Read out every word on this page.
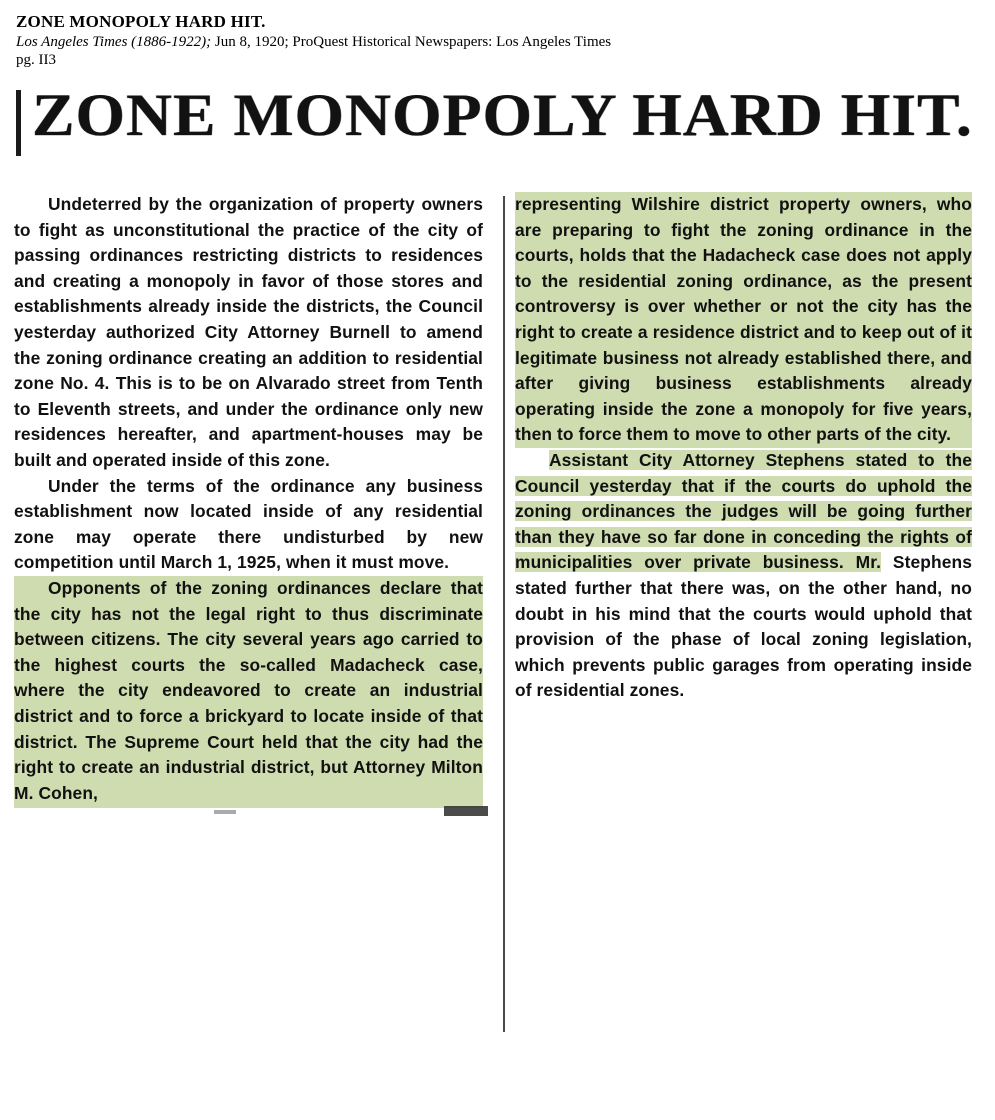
ZONE MONOPOLY HARD HIT.
Los Angeles Times (1886-1922); Jun 8, 1920; ProQuest Historical Newspapers: Los Angeles Times
pg. II3
ZONE MONOPOLY HARD HIT.

Undeterred by the organization of property owners to fight as unconstitutional the practice of the city of passing ordinances restricting districts to residences and creating a monopoly in favor of those stores and establishments already inside the districts, the Council yesterday authorized City Attorney Burnell to amend the zoning ordinance creating an addition to residential zone No. 4. This is to be on Alvarado street from Tenth to Eleventh streets, and under the ordinance only new residences hereafter, and apartment-houses may be built and operated inside of this zone.

Under the terms of the ordinance any business establishment now located inside of any residential zone may operate there undisturbed by new competition until March 1, 1925, when it must move.

Opponents of the zoning ordinances declare that the city has not the legal right to thus discriminate between citizens. The city several years ago carried to the highest courts the so-called Madacheck case, where the city endeavored to create an industrial district and to force a brickyard to locate inside of that district. The Supreme Court held that the city had the right to create an industrial district, but Attorney Milton M. Cohen,

representing Wilshire district property owners, who are preparing to fight the zoning ordinance in the courts, holds that the Hadacheck case does not apply to the residential zoning ordinance, as the present controversy is over whether or not the city has the right to create a residence district and to keep out of it legitimate business not already established there, and after giving business establishments already operating inside the zone a monopoly for five years, then to force them to move to other parts of the city.

Assistant City Attorney Stephens stated to the Council yesterday that if the courts do uphold the zoning ordinances the judges will be going further than they have so far done in conceding the rights of municipalities over private business. Mr. Stephens stated further that there was, on the other hand, no doubt in his mind that the courts would uphold that provision of the phase of local zoning legislation, which prevents public garages from operating inside of residential zones.
